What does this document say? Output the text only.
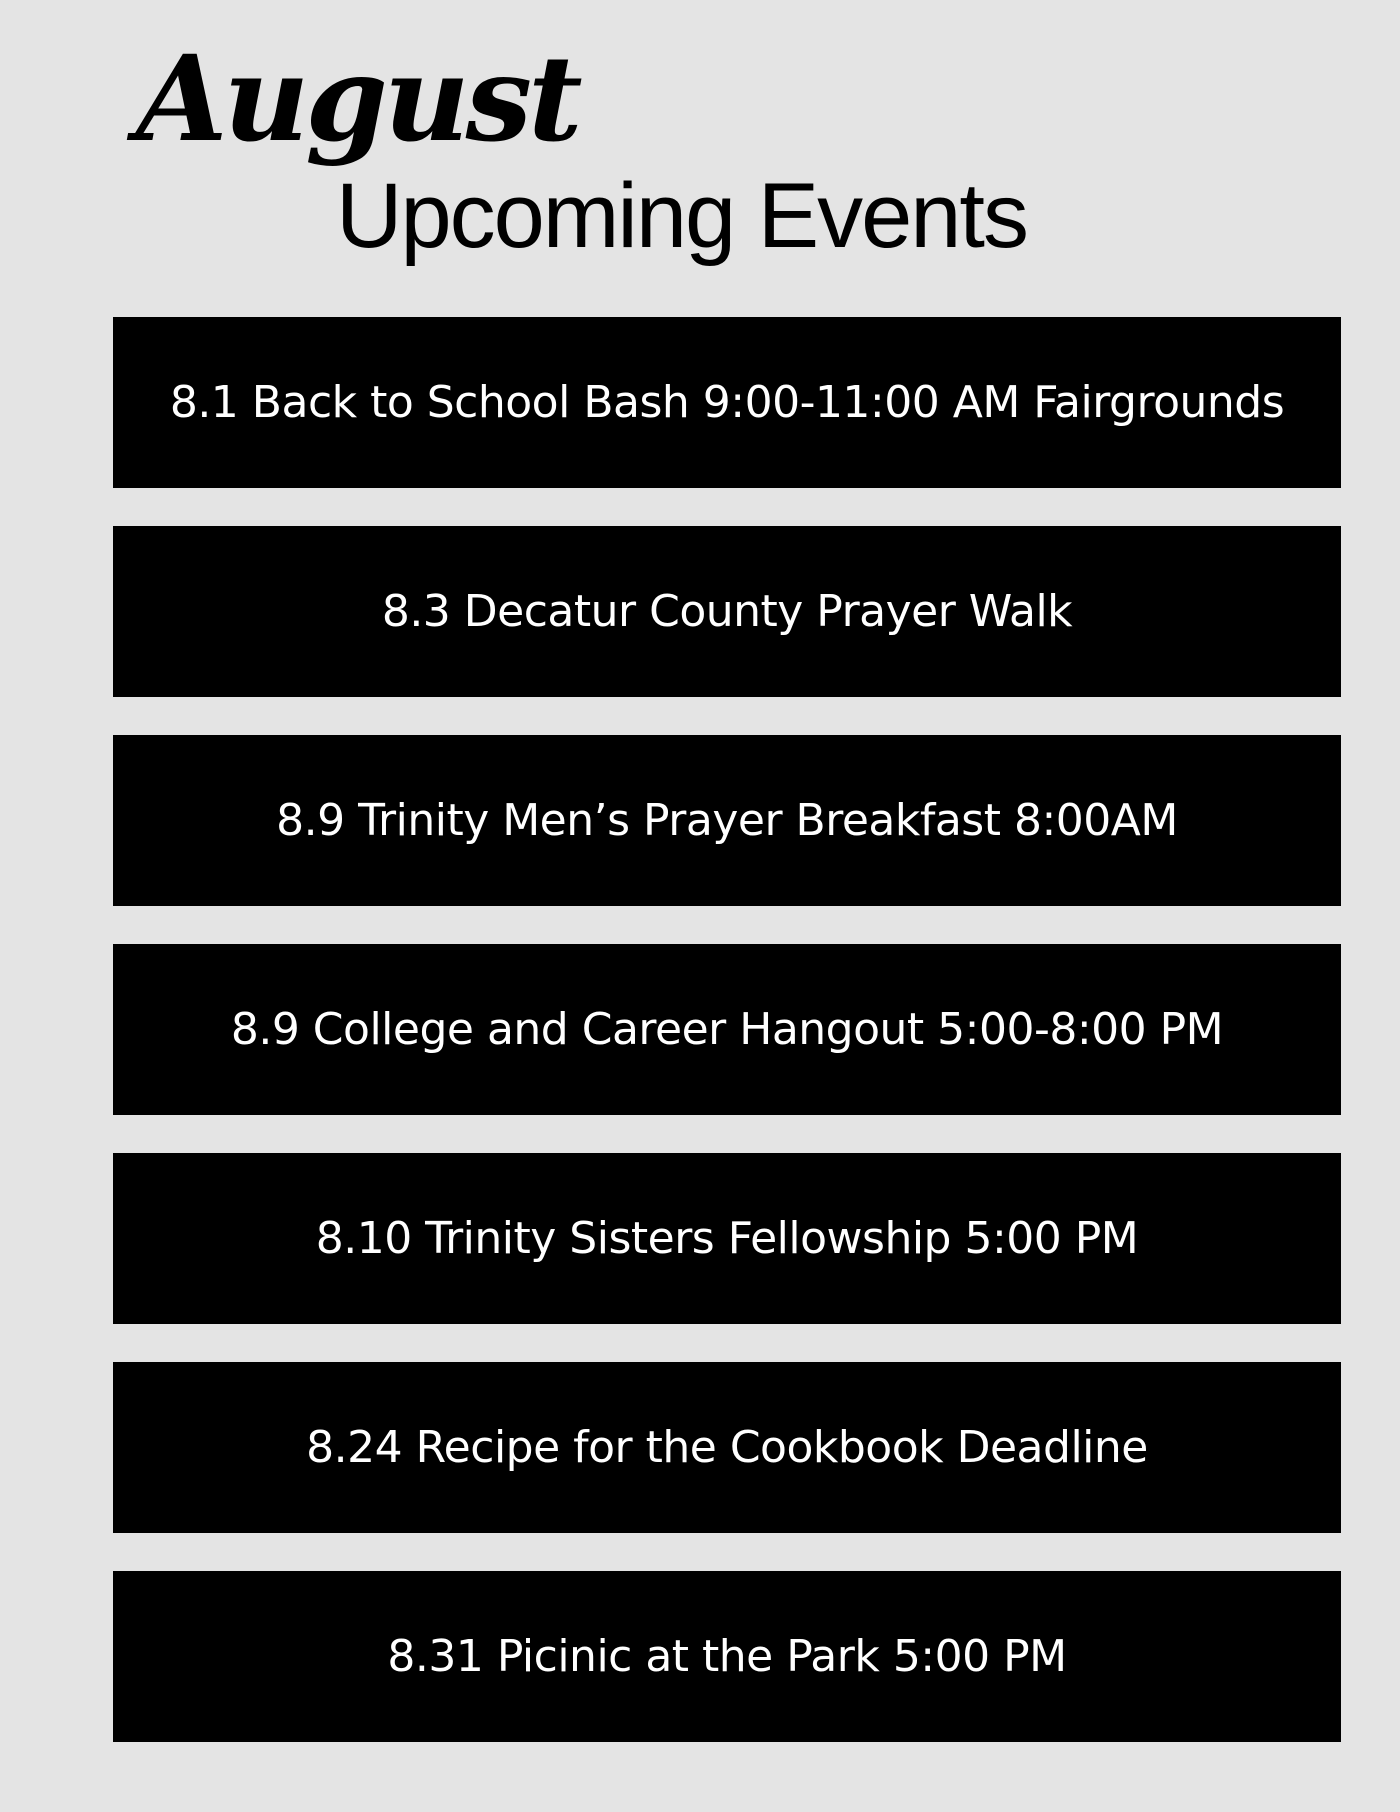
August
Upcoming Events
8.1 Back to School Bash 9:00-11:00 AM Fairgrounds
8.3 Decatur County Prayer Walk
8.9 Trinity Men’s Prayer Breakfast 8:00AM
8.9 College and Career Hangout 5:00-8:00 PM
8.10 Trinity Sisters Fellowship 5:00 PM
8.24 Recipe for the Cookbook Deadline
8.31 Picinic at the Park 5:00 PM
